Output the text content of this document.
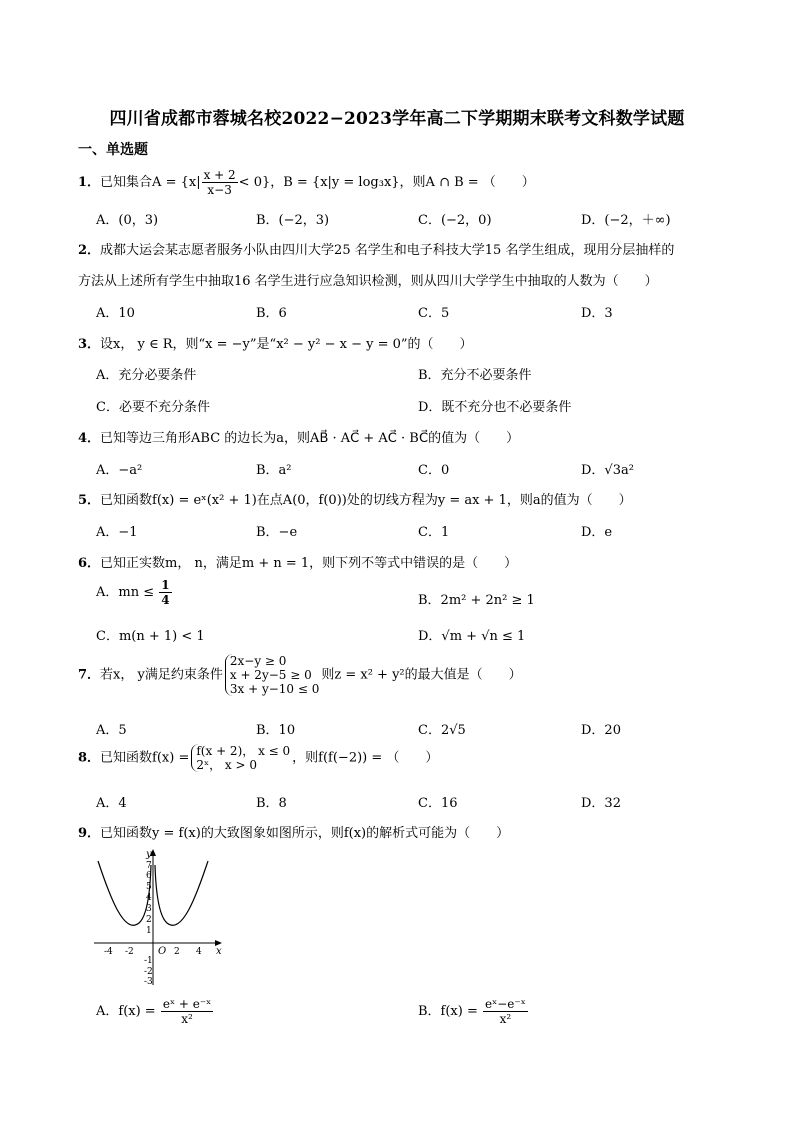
四川省成都市蓉城名校2022−2023学年高二下学期期末联考文科数学试题
一、单选题
1．已知集合$A = \{x| \frac{x + 2}{x-3} < 0\}$，B = {x|y = log₃x}，则A ∩ B = （　　）
A．(0，3)	B．(−2，3)	C．(−2，0)	D．(−2，＋∞)
2．成都大运会某志愿者服务小队由四川大学25 名学生和电子科技大学15 名学生组成，现用分层抽样的
方法从上述所有学生中抽取16 名学生进行应急知识检测，则从四川大学学生中抽取的人数为（　　）
A．10	B．6	C．5	D．3
3．设x， y ∈ R，则“x = −y”是“x² − y² − x − y = 0”的（　　）
A．充分必要条件	B．充分不必要条件
C．必要不充分条件	D．既不充分也不必要条件
4．已知等边三角形ABC 的边长为a，则AB⃗ · AC⃗ + AC⃗ · BC⃗的值为（　　）
A．−a²	B．a²	C．0	D．√3a²
5．已知函数f(x) = eˣ(x² + 1)在点A(0，f(0))处的切线方程为y = ax + 1，则a的值为（　　）
A．−1	B．−e	C．1	D．e
6．已知正实数m， n，满足m + n = 1，则下列不等式中错误的是（　　）
A．mn ≤ $\frac{1}{4}$	B．2m² + 2n² ≥ 1
C．m(n + 1) < 1	D．√m + √n ≤ 1
7．若x， y满足约束条件
2x−y ≥ 0
x + 2y−5 ≥ 0
3x + y−10 ≤ 0
则z = x² + y²的最大值是（　　）
A．5	B．10	C．2√5	D．20
8．已知函数f(x) = f(x + 2)， x ≤ 0
2ˣ， x > 0	，则f(f(−2)) = （　　）
A．4	B．8	C．16	D．32
9．已知函数y = f(x)的大致图象如图所示，则f(x)的解析式可能为（　　）
y
x
O
7
6
5
4
3
2
1
-1
-2
-3
-4 -2	2 4
A．$f(x) = \frac{\text{eˣ + e⁻ˣ}}{\text{x²}}$	B．$f(x) = \frac{\text{eˣ−e⁻ˣ}}{\text{x²}}$
